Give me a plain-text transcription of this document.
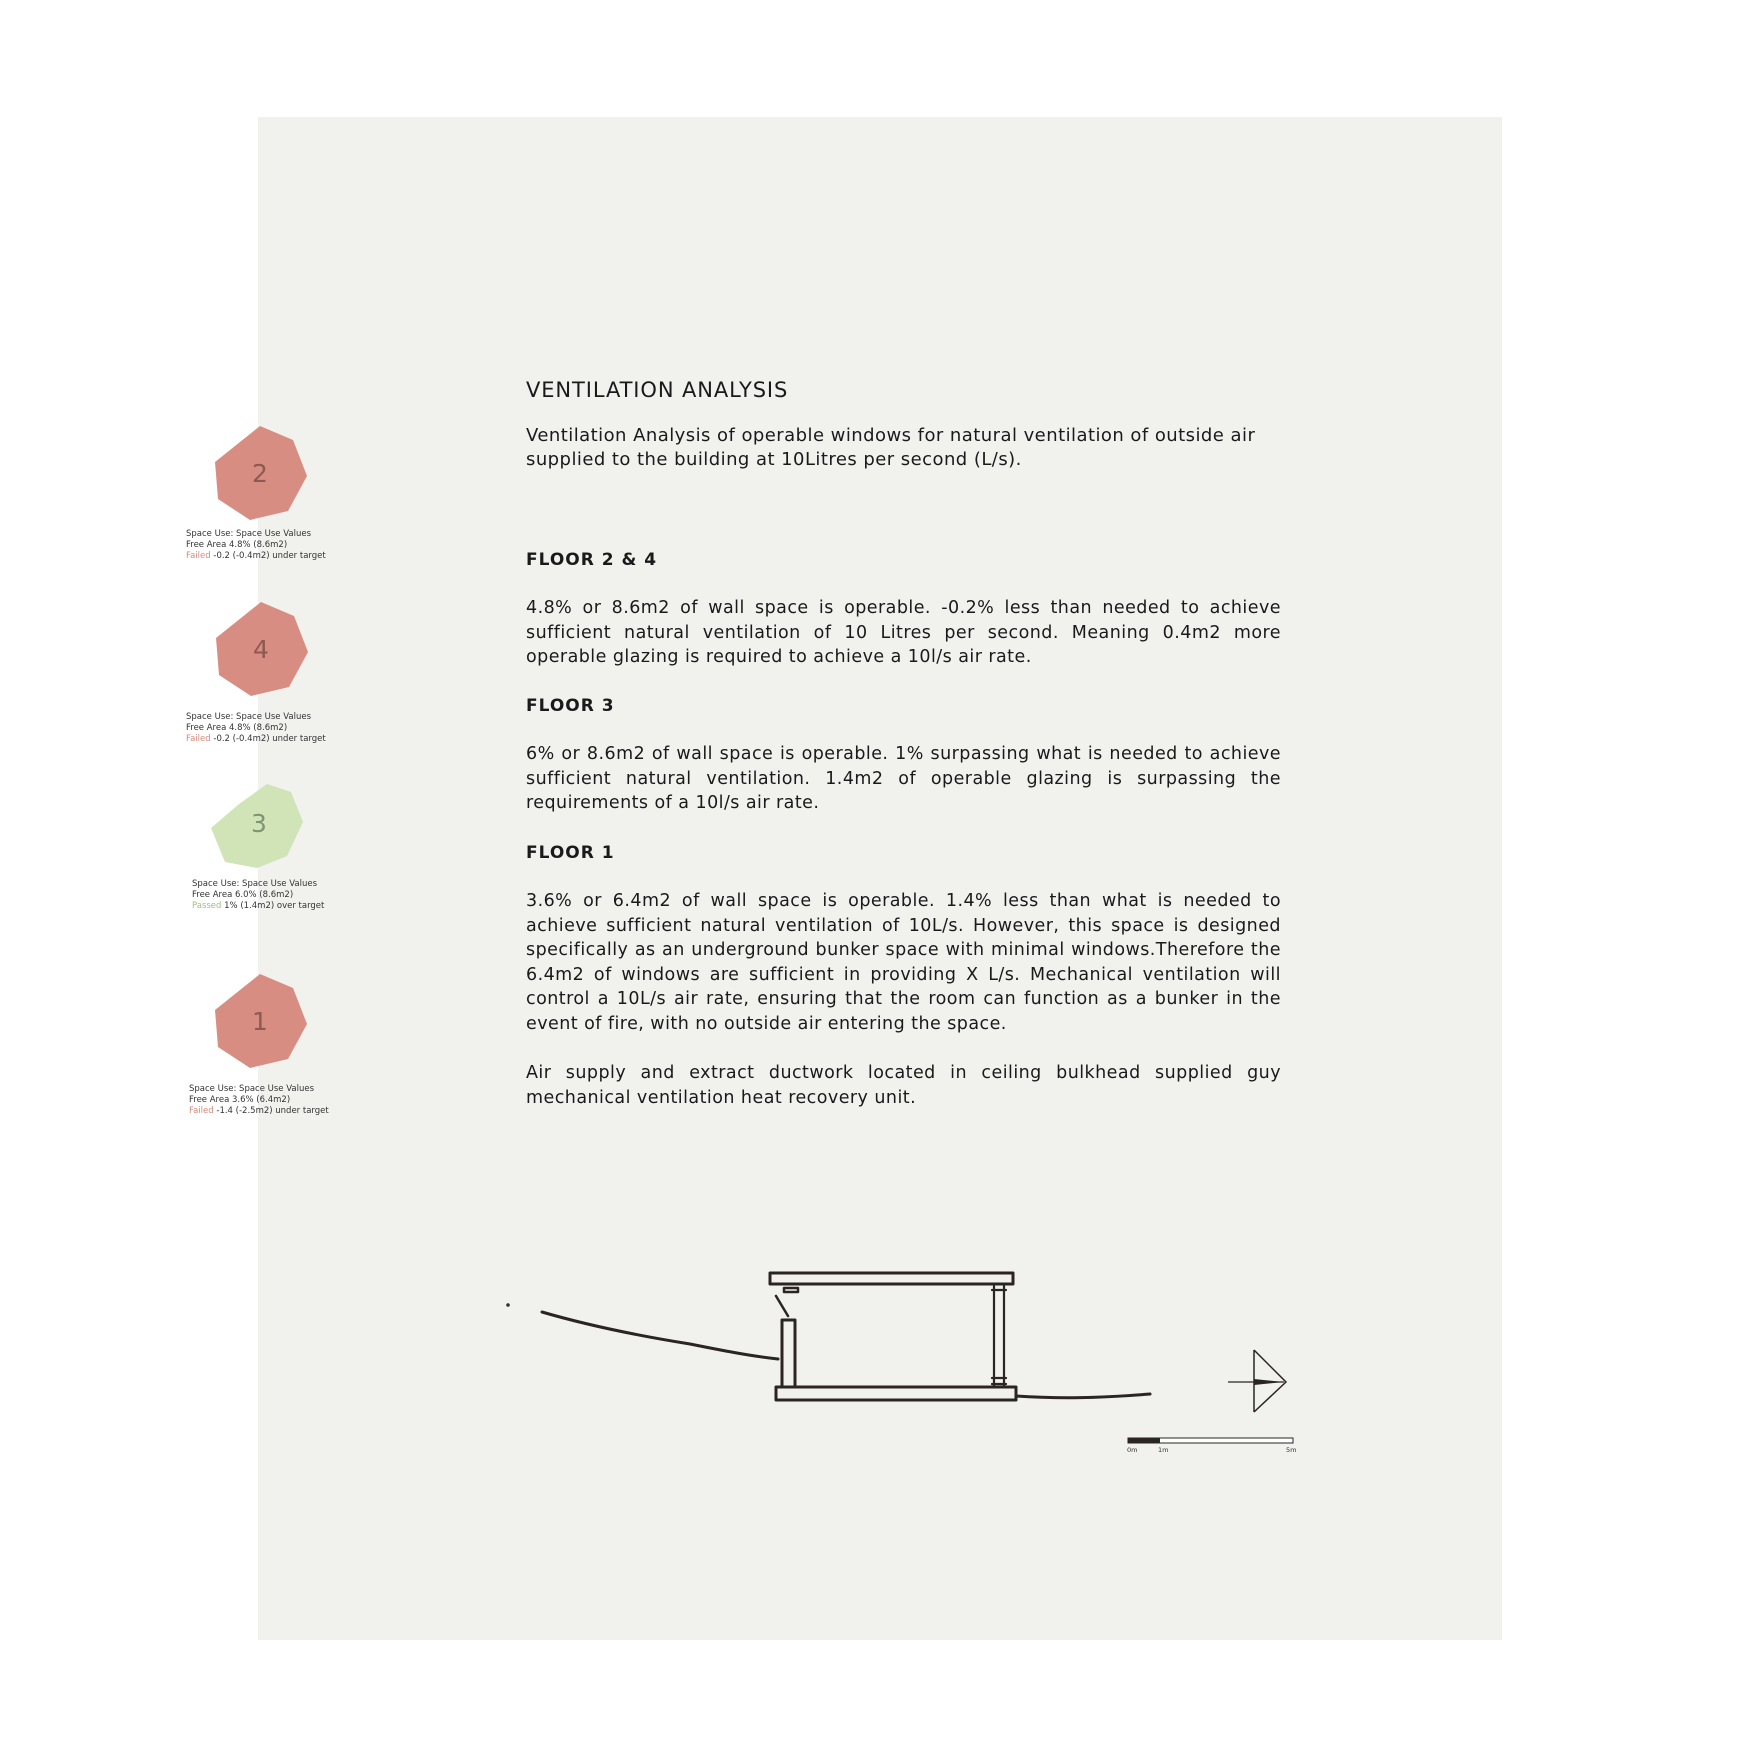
VENTILATION ANALYSIS

Ventilation Analysis of operable windows for natural ventilation of outside air supplied to the building at 10Litres per second (L/s).

FLOOR 2 & 4

4.8% or 8.6m2 of wall space is operable. -0.2% less than needed to achieve sufficient natural ventilation of 10 Litres per second. Meaning 0.4m2 more operable glazing is required to achieve a 10l/s air rate.

FLOOR 3

6% or 8.6m2 of wall space is operable. 1% surpassing what is needed to achieve sufficient natural ventilation. 1.4m2 of operable glazing is surpassing the requirements of a 10l/s air rate.

FLOOR 1

3.6% or 6.4m2 of wall space is operable. 1.4% less than what is needed to achieve sufficient natural ventilation of 10L/s. However, this space is designed specifically as an underground bunker space with minimal windows.Therefore the 6.4m2 of windows are sufficient in providing X L/s. Mechanical ventilation will control a 10L/s air rate, ensuring that the room can function as a bunker in the event of fire, with no outside air entering the space.

Air supply and extract ductwork located in ceiling bulkhead supplied guy mechanical ventilation heat recovery unit.

2
Space Use: Space Use Values
Free Area 4.8% (8.6m2)
Failed -0.2 (-0.4m2) under target
4
Space Use: Space Use Values
Free Area 4.8% (8.6m2)
Failed -0.2 (-0.4m2) under target
3
Space Use: Space Use Values
Free Area 6.0% (8.6m2)
Passed 1% (1.4m2) over target
1
Space Use: Space Use Values
Free Area 3.6% (6.4m2)
Failed -1.4 (-2.5m2) under target
0m	1m	5m
